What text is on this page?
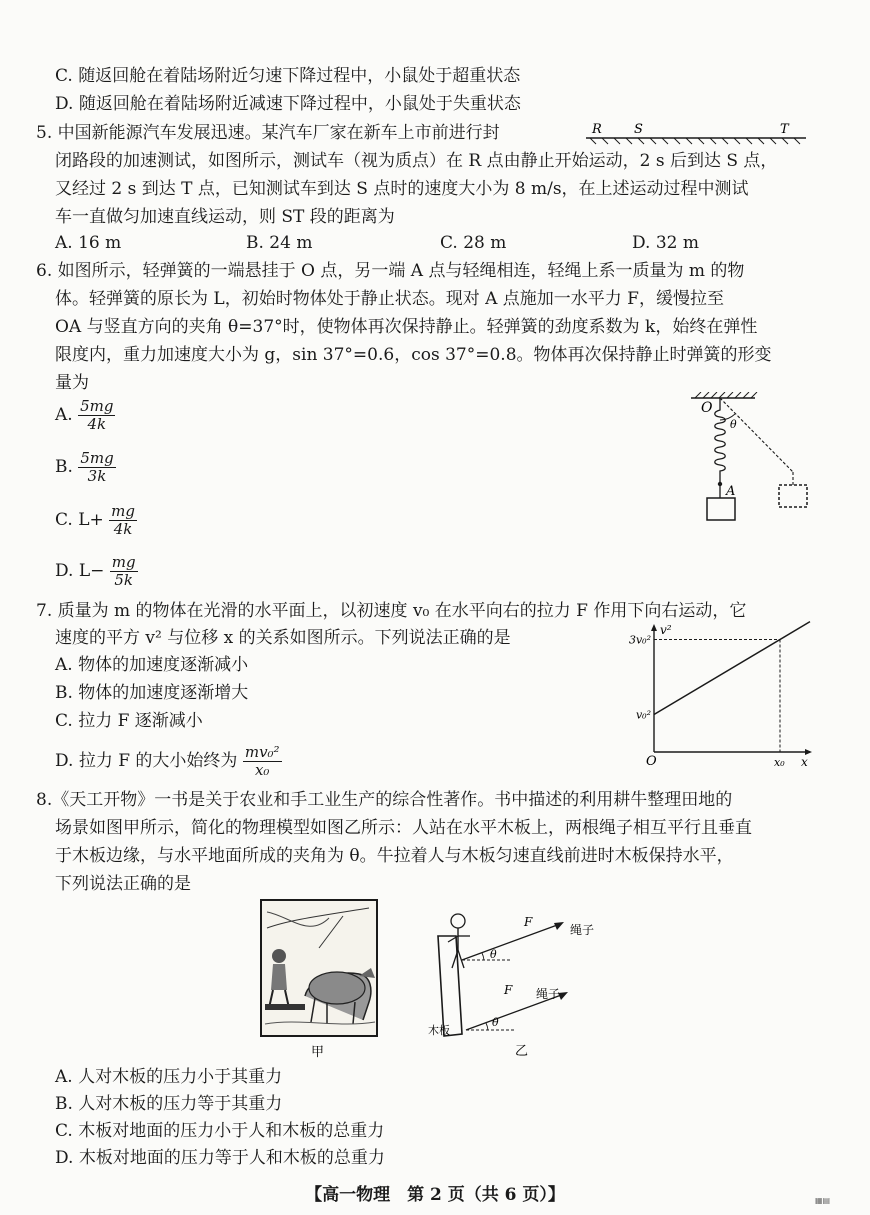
C. 随返回舱在着陆场附近匀速下降过程中，小鼠处于超重状态
D. 随返回舱在着陆场附近减速下降过程中，小鼠处于失重状态
5. 中国新能源汽车发展迅速。某汽车厂家在新车上市前进行封
闭路段的加速测试，如图所示，测试车（视为质点）在 R 点由静止开始运动，2 s 后到达 S 点，
又经过 2 s 到达 T 点，已知测试车到达 S 点时的速度大小为 8 m/s，在上述运动过程中测试
车一直做匀加速直线运动，则 ST 段的距离为
R S	T
A. 16 m	B. 24 m	C. 28 m	D. 32 m
6. 如图所示，轻弹簧的一端悬挂于 O 点，另一端 A 点与轻绳相连，轻绳上系一质量为 m 的物
体。轻弹簧的原长为 L，初始时物体处于静止状态。现对 A 点施加一水平力 F，缓慢拉至
OA 与竖直方向的夹角 θ=37°时，使物体再次保持静止。轻弹簧的劲度系数为 k，始终在弹性
限度内，重力加速度大小为 g，sin 37°=0.6，cos 37°=0.8。物体再次保持静止时弹簧的形变
量为
A. $\frac{5mg}{4k}$
B. $\frac{5mg}{3k}$
C. $L+ \frac{mg}{4k}$
D. $L- \frac{mg}{5k}$
O
θ
A
7. 质量为 m 的物体在光滑的水平面上，以初速度 v₀ 在水平向右的拉力 F 作用下向右运动，它
速度的平方 v² 与位移 x 的关系如图所示。下列说法正确的是
A. 物体的加速度逐渐减小
B. 物体的加速度逐渐增大
C. 拉力 F 逐渐减小
D. 拉力 F 的大小始终为 $\frac{\text{mv₀²}}{\text{x₀}}$	O
v²
x
x₀
v₀²
3v₀²
8.《天工开物》一书是关于农业和手工业生产的综合性著作。书中描述的利用耕牛整理田地的
场景如图甲所示，简化的物理模型如图乙所示：人站在水平木板上，两根绳子相互平行且垂直
于木板边缘，与水平地面所成的夹角为 θ。牛拉着人与木板匀速直线前进时木板保持水平，
下列说法正确的是
甲
F
θ
绳子
F
θ
绳子
木板
乙
A. 人对木板的压力小于其重力
B. 人对木板的压力等于其重力
C. 木板对地面的压力小于人和木板的总重力
D. 木板对地面的压力等于人和木板的总重力
【高一物理　第 2 页（共 6 页）】	▦▤
